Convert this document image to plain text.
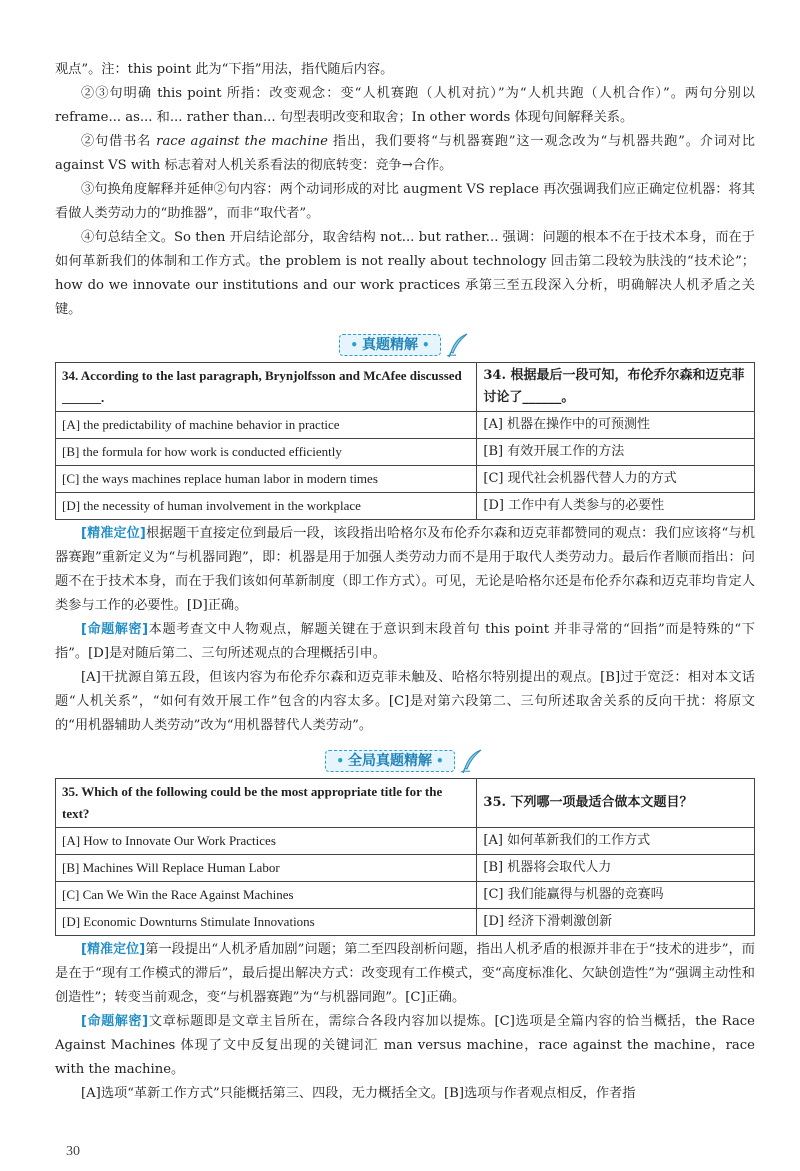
观点”。注：this point 此为“下指”用法，指代随后内容。

②③句明确 this point 所指：改变观念：变“人机赛跑（人机对抗）”为“人机共跑（人机合作）”。两句分别以 reframe... as... 和... rather than... 句型表明改变和取舍；In other words 体现句间解释关系。

②句借书名 race against the machine 指出，我们要将“与机器赛跑”这一观念改为“与机器共跑”。介词对比 against VS with 标志着对人机关系看法的彻底转变：竞争→合作。

③句换角度解释并延伸②句内容：两个动词形成的对比 augment VS replace 再次强调我们应正确定位机器：将其看做人类劳动力的“助推器”，而非“取代者”。

④句总结全文。So then 开启结论部分，取舍结构 not... but rather... 强调：问题的根本不在于技术本身，而在于如何革新我们的体制和工作方式。the problem is not really about technology 回击第二段较为肤浅的“技术论”；how do we innovate our institutions and our work practices 承第三至五段深入分析，明确解决人机矛盾之关键。

• 真题精解 •
34. According to the last paragraph, Brynjolfsson and McAfee discussed ______.	34. 根据最后一段可知，布伦乔尔森和迈克菲讨论了______。
[A] the predictability of machine behavior in practice	[A] 机器在操作中的可预测性
[B] the formula for how work is conducted efficiently	[B] 有效开展工作的方法
[C] the ways machines replace human labor in modern times	[C] 现代社会机器代替人力的方式
[D] the necessity of human involvement in the workplace	[D] 工作中有人类参与的必要性

[精准定位]根据题干直接定位到最后一段，该段指出哈格尔及布伦乔尔森和迈克菲都赞同的观点：我们应该将“与机器赛跑”重新定义为“与机器同跑”，即：机器是用于加强人类劳动力而不是用于取代人类劳动力。最后作者顺而指出：问题不在于技术本身，而在于我们该如何革新制度（即工作方式）。可见，无论是哈格尔还是布伦乔尔森和迈克菲均肯定人类参与工作的必要性。[D]正确。

[命题解密]本题考查文中人物观点，解题关键在于意识到末段首句 this point 并非寻常的“回指”而是特殊的“下指”。[D]是对随后第二、三句所述观点的合理概括引申。

[A]干扰源自第五段，但该内容为布伦乔尔森和迈克菲未触及、哈格尔特别提出的观点。[B]过于宽泛：相对本文话题“人机关系”，“如何有效开展工作”包含的内容太多。[C]是对第六段第二、三句所述取舍关系的反向干扰：将原文的“用机器辅助人类劳动”改为“用机器替代人类劳动”。

• 全局真题精解 •
35. Which of the following could be the most appropriate title for the text?	35. 下列哪一项最适合做本文题目？
[A] How to Innovate Our Work Practices	[A] 如何革新我们的工作方式
[B] Machines Will Replace Human Labor	[B] 机器将会取代人力
[C] Can We Win the Race Against Machines	[C] 我们能赢得与机器的竞赛吗
[D] Economic Downturns Stimulate Innovations	[D] 经济下滑刺激创新

[精准定位]第一段提出“人机矛盾加剧”问题；第二至四段剖析问题，指出人机矛盾的根源并非在于“技术的进步”，而是在于“现有工作模式的滞后”，最后提出解决方式：改变现有工作模式，变“高度标准化、欠缺创造性”为“强调主动性和创造性”；转变当前观念，变“与机器赛跑”为“与机器同跑”。[C]正确。

[命题解密]文章标题即是文章主旨所在，需综合各段内容加以提炼。[C]选项是全篇内容的恰当概括，the Race Against Machines 体现了文中反复出现的关键词汇 man versus machine，race against the machine，race with the machine。

[A]选项“革新工作方式”只能概括第三、四段，无力概括全文。[B]选项与作者观点相反，作者指

30
